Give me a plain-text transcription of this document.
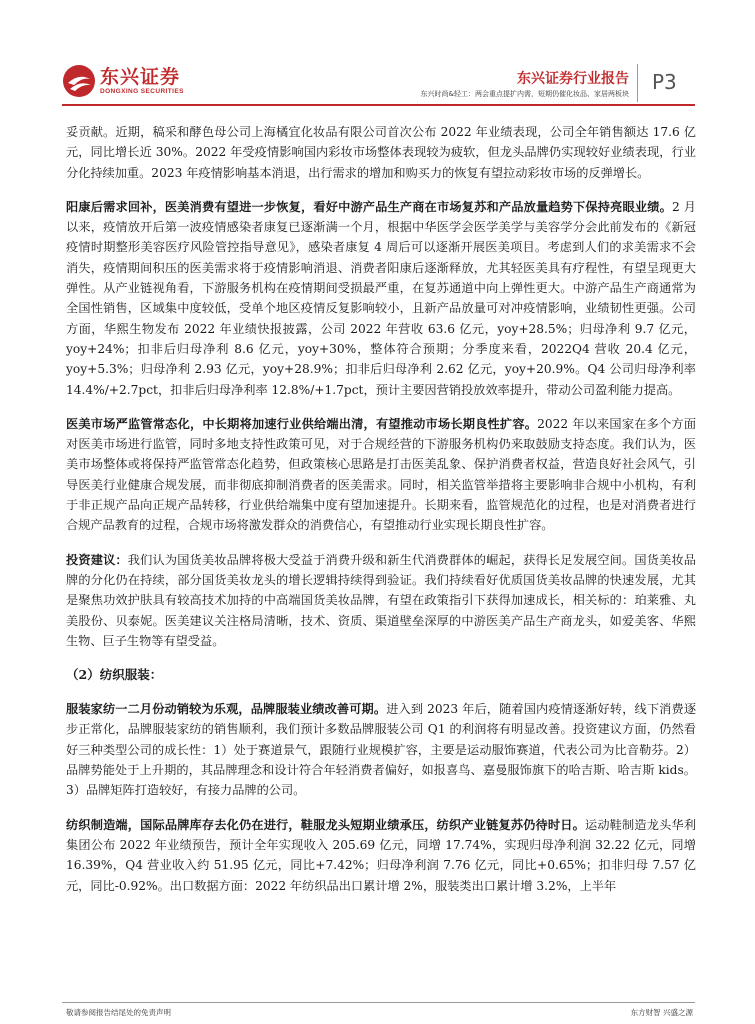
东兴证券
DONGXING SECURITIES
东兴证券行业报告
东兴时尚&轻工：两会重点提扩内需，短期仍催化妆品、家居两板块 P3

妥贡献。近期，稿采和酵色母公司上海橘宜化妆品有限公司首次公布 2022 年业绩表现，公司全年销售额达 17.6 亿元，同比增长近 30%。2022 年受疫情影响国内彩妆市场整体表现较为疲软，但龙头品牌仍实现较好业绩表现，行业分化持续加重。2023 年疫情影响基本消退，出行需求的增加和购买力的恢复有望拉动彩妆市场的反弹增长。

阳康后需求回补，医美消费有望进一步恢复，看好中游产品生产商在市场复苏和产品放量趋势下保持亮眼业绩。2 月以来，疫情放开后第一波疫情感染者康复已逐渐满一个月，根据中华医学会医学美学与美容学分会此前发布的《新冠疫情时期整形美容医疗风险管控指导意见》，感染者康复 4 周后可以逐渐开展医美项目。考虑到人们的求美需求不会消失，疫情期间积压的医美需求将于疫情影响消退、消费者阳康后逐渐释放，尤其轻医美具有疗程性，有望呈现更大弹性。从产业链视角看，下游服务机构在疫情期间受损最严重，在复苏通道中向上弹性更大。中游产品生产商通常为全国性销售，区域集中度较低，受单个地区疫情反复影响较小，且新产品放量可对冲疫情影响，业绩韧性更强。公司方面，华熙生物发布 2022 年业绩快报披露，公司 2022 年营收 63.6 亿元，yoy+28.5%；归母净利 9.7 亿元，yoy+24%；扣非后归母净利 8.6 亿元，yoy+30%，整体符合预期；分季度来看，2022Q4 营收 20.4 亿元，yoy+5.3%；归母净利 2.93 亿元，yoy+28.9%；扣非后归母净利 2.62 亿元，yoy+20.9%。Q4 公司归母净利率 14.4%/+2.7pct，扣非后归母净利率 12.8%/+1.7pct，预计主要因营销投放效率提升，带动公司盈利能力提高。

医美市场严监管常态化，中长期将加速行业供给端出清，有望推动市场长期良性扩容。2022 年以来国家在多个方面对医美市场进行监管，同时多地支持性政策可见，对于合规经营的下游服务机构仍来取鼓励支持态度。我们认为，医美市场整体或将保持严监管常态化趋势，但政策核心思路是打击医美乱象、保护消费者权益，营造良好社会风气，引导医美行业健康合规发展，而非彻底抑制消费者的医美需求。同时，相关监管举措将主要影响非合规中小机构，有利于非正规产品向正规产品转移，行业供给端集中度有望加速提升。长期来看，监管规范化的过程，也是对消费者进行合规产品教育的过程，合规市场将激发群众的消费信心，有望推动行业实现长期良性扩容。

投资建议：我们认为国货美妆品牌将极大受益于消费升级和新生代消费群体的崛起，获得长足发展空间。国货美妆品牌的分化仍在持续，部分国货美妆龙头的增长逻辑持续得到验证。我们持续看好优质国货美妆品牌的快速发展，尤其是聚焦功效护肤具有较高技术加持的中高端国货美妆品牌，有望在政策指引下获得加速成长，相关标的：珀莱雅、丸美股份、贝泰妮。医美建议关注格局清晰，技术、资质、渠道壁垒深厚的中游医美产品生产商龙头，如爱美客、华熙生物、巨子生物等有望受益。

（2）纺织服装：

服装家纺一二月份动销较为乐观，品牌服装业绩改善可期。进入到 2023 年后，随着国内疫情逐渐好转，线下消费逐步正常化，品牌服装家纺的销售顺利，我们预计多数品牌服装公司 Q1 的利润将有明显改善。投资建议方面，仍然看好三种类型公司的成长性：1）处于赛道景气，跟随行业规模扩容，主要是运动服饰赛道，代表公司为比音勒芬。2）品牌势能处于上升期的，其品牌理念和设计符合年轻消费者偏好，如报喜鸟、嘉曼服饰旗下的哈吉斯、哈吉斯 kids。3）品牌矩阵打造较好，有接力品牌的公司。

纺织制造端，国际品牌库存去化仍在进行，鞋服龙头短期业绩承压，纺织产业链复苏仍待时日。运动鞋制造龙头华利集团公布 2022 年业绩预告，预计全年实现收入 205.69 亿元，同增 17.74%，实现归母净利润 32.22 亿元，同增 16.39%，Q4 营业收入约 51.95 亿元，同比+7.42%；归母净利润 7.76 亿元，同比+0.65%；扣非归母 7.57 亿元，同比-0.92%。出口数据方面：2022 年纺织品出口累计增 2%，服装类出口累计增 3.2%，上半年

敬请参阅报告结尾处的免责声明	东方财智 兴盛之源
